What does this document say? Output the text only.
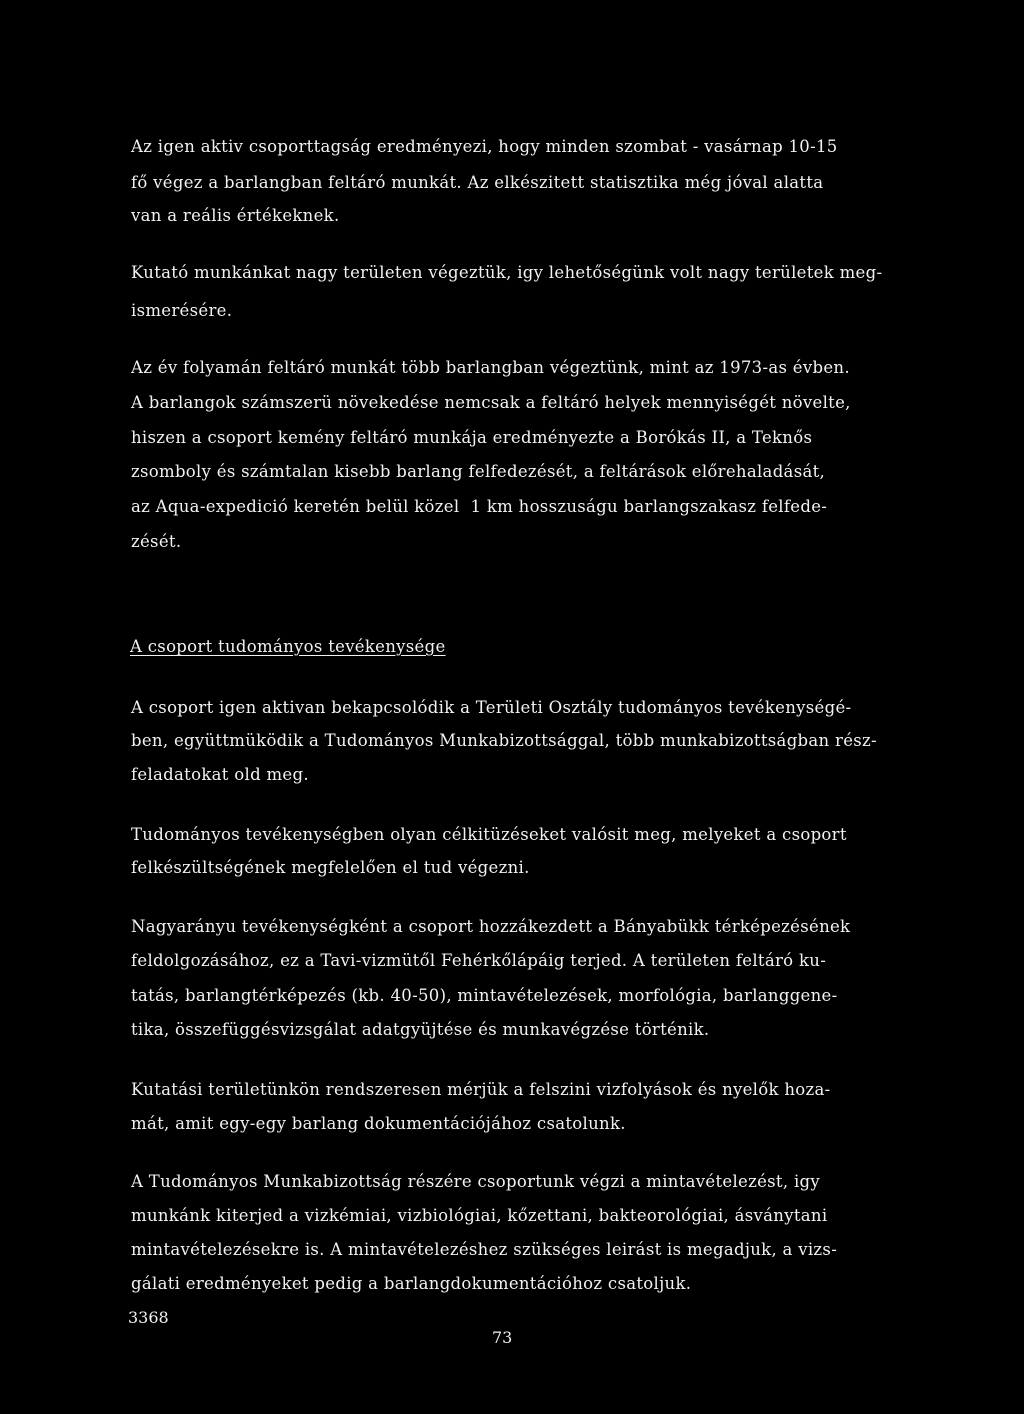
Az igen aktiv csoporttagság eredményezi, hogy minden szombat - vasárnap 10-15
fő végez a barlangban feltáró munkát. Az elkészitett statisztika még jóval alatta
van a reális értékeknek.
Kutató munkánkat nagy területen végeztük, igy lehetőségünk volt nagy területek meg-
ismerésére.
Az év folyamán feltáró munkát több barlangban végeztünk, mint az 1973-as évben.
A barlangok számszerü növekedése nemcsak a feltáró helyek mennyiségét növelte,
hiszen a csoport kemény feltáró munkája eredményezte a Borókás II, a Teknős
zsomboly és számtalan kisebb barlang felfedezését, a feltárások előrehaladását,
az Aqua-expedició keretén belül közel  1 km hosszuságu barlangszakasz felfede-
zését.
A csoport tudományos tevékenysége
A csoport igen aktivan bekapcsolódik a Területi Osztály tudományos tevékenységé-
ben, együttmüködik a Tudományos Munkabizottsággal, több munkabizottságban rész-
feladatokat old meg.
Tudományos tevékenységben olyan célkitüzéseket valósit meg, melyeket a csoport
felkészültségének megfelelően el tud végezni.
Nagyarányu tevékenységként a csoport hozzákezdett a Bányabükk térképezésének
feldolgozásához, ez a Tavi-vizmütől Fehérkőlápáig terjed. A területen feltáró ku-
tatás, barlangtérképezés (kb. 40-50), mintavételezések, morfológia, barlanggene-
tika, összefüggésvizsgálat adatgyüjtése és munkavégzése történik.
Kutatási területünkön rendszeresen mérjük a felszini vizfolyások és nyelők hoza-
mát, amit egy-egy barlang dokumentációjához csatolunk.
A Tudományos Munkabizottság részére csoportunk végzi a mintavételezést, igy
munkánk kiterjed a vizkémiai, vizbiológiai, kőzettani, bakteorológiai, ásványtani
mintavételezésekre is. A mintavételezéshez szükséges leirást is megadjuk, a vizs-
gálati eredményeket pedig a barlangdokumentációhoz csatoljuk.
3368
73
